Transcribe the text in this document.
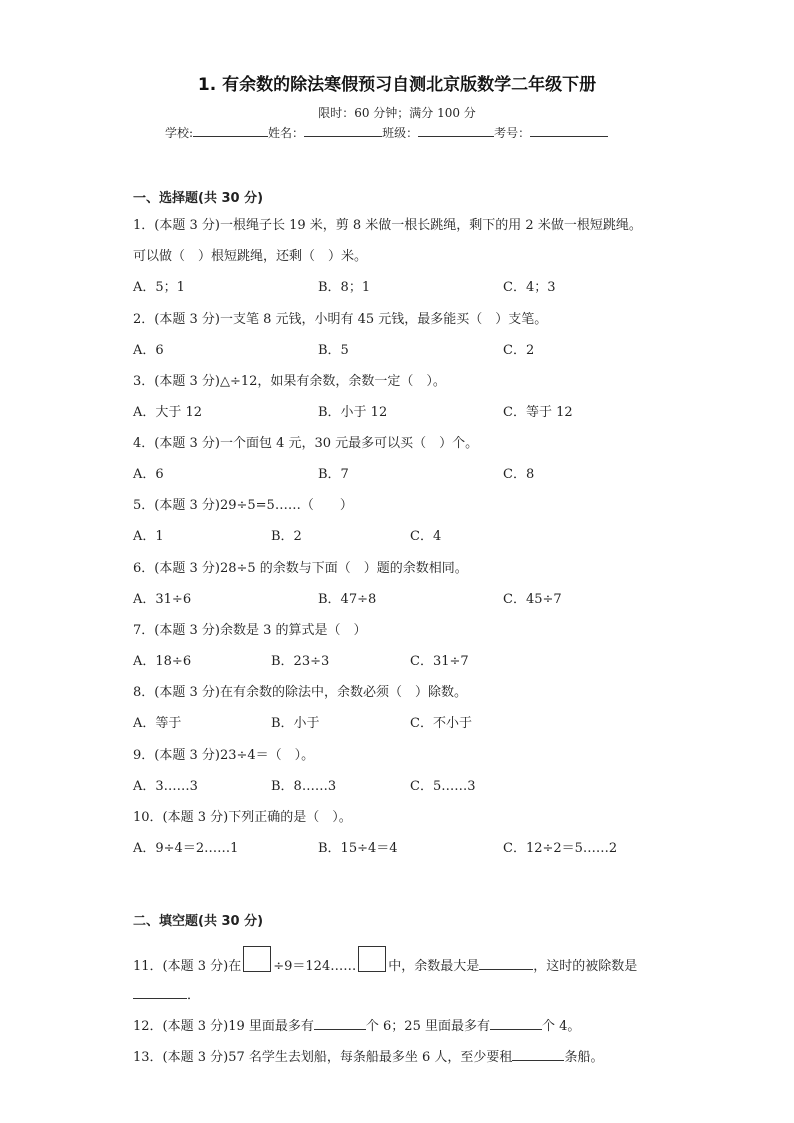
1. 有余数的除法寒假预习自测北京版数学二年级下册
限时：60 分钟；满分 100 分
学校:	姓名：	班级：	考号：
一、选择题(共 30 分)
1．(本题 3 分)一根绳子长 19 米，剪 8 米做一根长跳绳，剩下的用 2 米做一根短跳绳。
可以做（　）根短跳绳，还剩（　）米。
A．5；1	B．8；1	C．4；3
2．(本题 3 分)一支笔 8 元钱，小明有 45 元钱，最多能买（　）支笔。
A．6	B．5	C．2
3．(本题 3 分)△÷12，如果有余数，余数一定（　）。
A．大于 12	B．小于 12	C．等于 12
4．(本题 3 分)一个面包 4 元，30 元最多可以买（　）个。
A．6	B．7	C．8
5．(本题 3 分)29÷5=5……（　　）
A．1	B．2	C．4
6．(本题 3 分)28÷5 的余数与下面（　）题的余数相同。
A．31÷6	B．47÷8	C．45÷7
7．(本题 3 分)余数是 3 的算式是（　）
A．18÷6	B．23÷3	C．31÷7
8．(本题 3 分)在有余数的除法中，余数必须（　）除数。
A．等于	B．小于	C．不小于
9．(本题 3 分)23÷4＝（　）。
A．3……3	B．8……3	C．5……3
10．(本题 3 分)下列正确的是（　）。
A．9÷4＝2……1	B．15÷4＝4	C．12÷2＝5……2
二、填空题(共 30 分)
11．(本题 3 分)在 ÷9＝124…… 中，余数最大是	，这时的被除数是
．
12．(本题 3 分)19 里面最多有	个 6；25 里面最多有	个 4。
13．(本题 3 分)57 名学生去划船，每条船最多坐 6 人，至少要租	条船。
